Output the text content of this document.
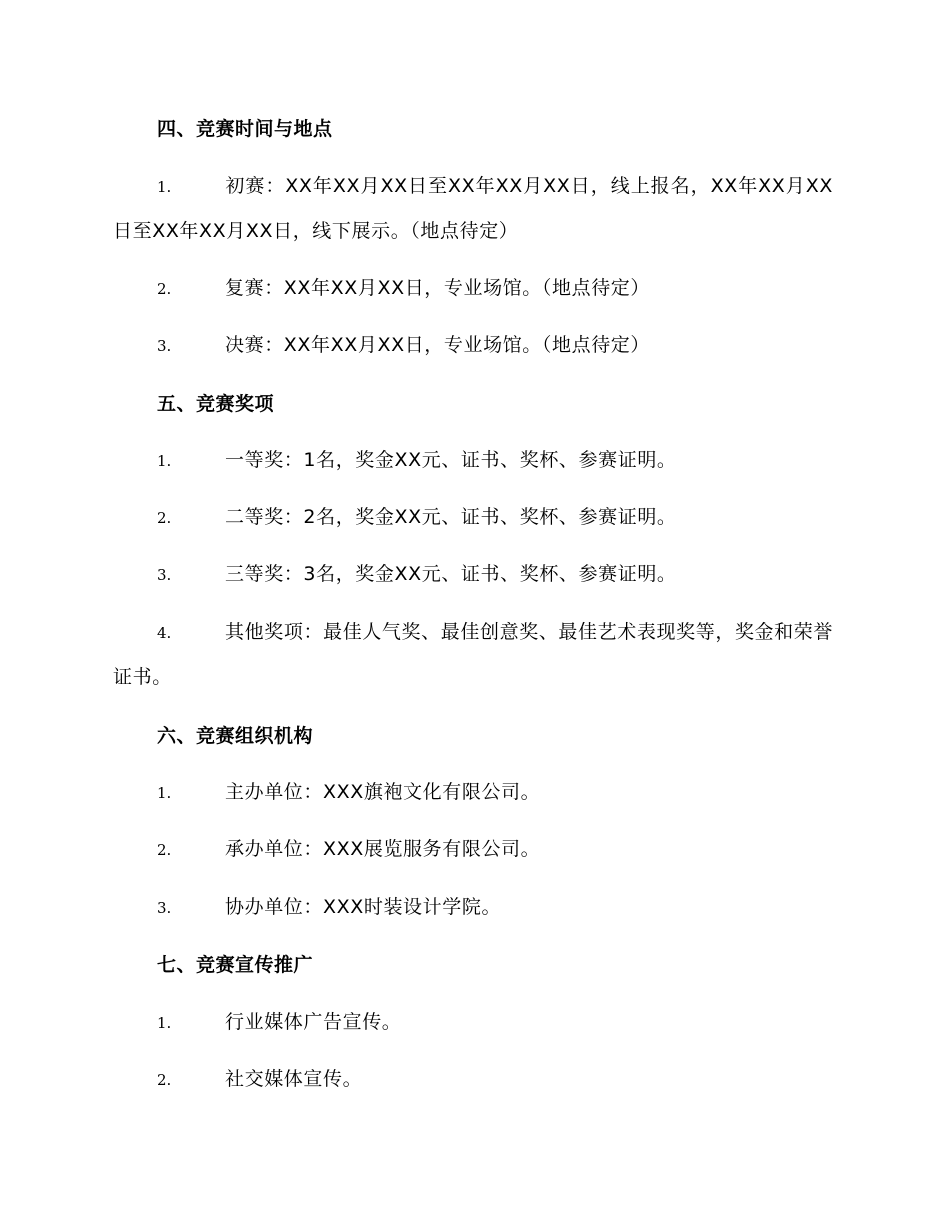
四、竞赛时间与地点
1.	初赛：XX年XX月XX日至XX年XX月XX日，线上报名，XX年XX月XX日至XX年XX月XX日，线下展示。（地点待定）
2.	复赛：XX年XX月XX日，专业场馆。（地点待定）
3.	决赛：XX年XX月XX日，专业场馆。（地点待定）
五、竞赛奖项
1.	一等奖：1名，奖金XX元、证书、奖杯、参赛证明。
2.	二等奖：2名，奖金XX元、证书、奖杯、参赛证明。
3.	三等奖：3名，奖金XX元、证书、奖杯、参赛证明。
4.	其他奖项：最佳人气奖、最佳创意奖、最佳艺术表现奖等，奖金和荣誉证书。
六、竞赛组织机构
1.	主办单位：XXX旗袍文化有限公司。
2.	承办单位：XXX展览服务有限公司。
3.	协办单位：XXX时装设计学院。
七、竞赛宣传推广
1.	行业媒体广告宣传。
2.	社交媒体宣传。
